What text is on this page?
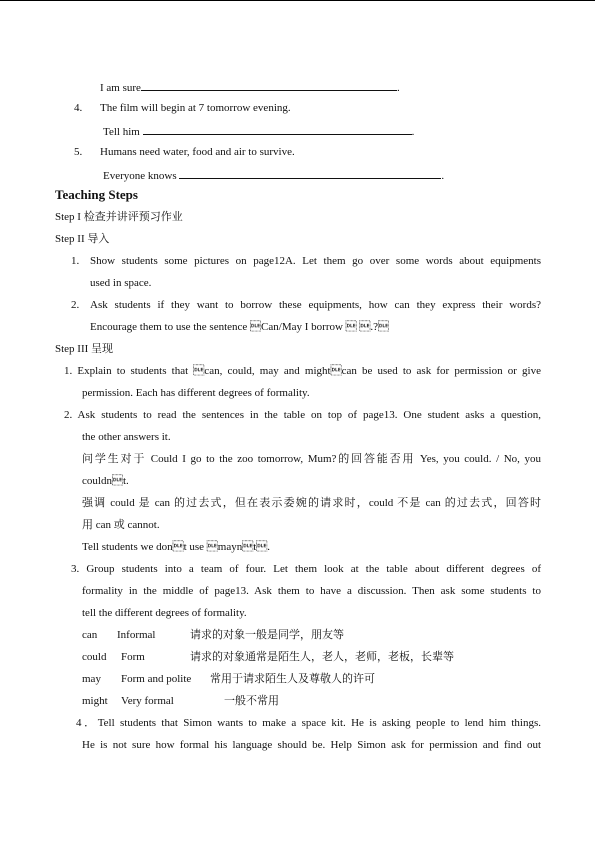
I am sure	.
4. The film will begin at 7 tomorrow evening.
Tell him	.
5. Humans need water, food and air to survive.
Everyone knows	.
Teaching Steps
Step I 检查并讲评预习作业
Step II 导入
1. Show students some pictures on page12A. Let them go over some words about equipments
used in space.
2. Ask students if they want to borrow these equipments, how can they express their words?
Encourage them to use the sentence Can/May I borrow  .?
Step III 呈现
1. Explain to students that can, could, may and mightcan be used to ask for permission or give
permission. Each has different degrees of formality.
2. Ask students to read the sentences in the table on top of page13. One student asks a question,
the other answers it.
问学生对于 Could I go to the zoo tomorrow, Mum?的回答能否用 Yes, you could. / No, you
couldnt.
强调 could 是 can 的过去式，但在表示委婉的请求时，could 不是 can 的过去式，回答时
用 can 或 cannot.
Tell students we dont use maynt.
3. Group students into a team of four. Let them look at the table about different degrees of
formality in the middle of page13. Ask them to have a discussion. Then ask some students to
tell the different degrees of formality.
can Informal	请求的对象一般是同学，朋友等
could Form	请求的对象通常是陌生人，老人，老师，老板，长辈等
may Form and polite 常用于请求陌生人及尊敬人的许可
might Very formal	一般不常用
4．Tell students that Simon wants to make a space kit. He is asking people to lend him things.
He is not sure how formal his language should be. Help Simon ask for permission and find out
